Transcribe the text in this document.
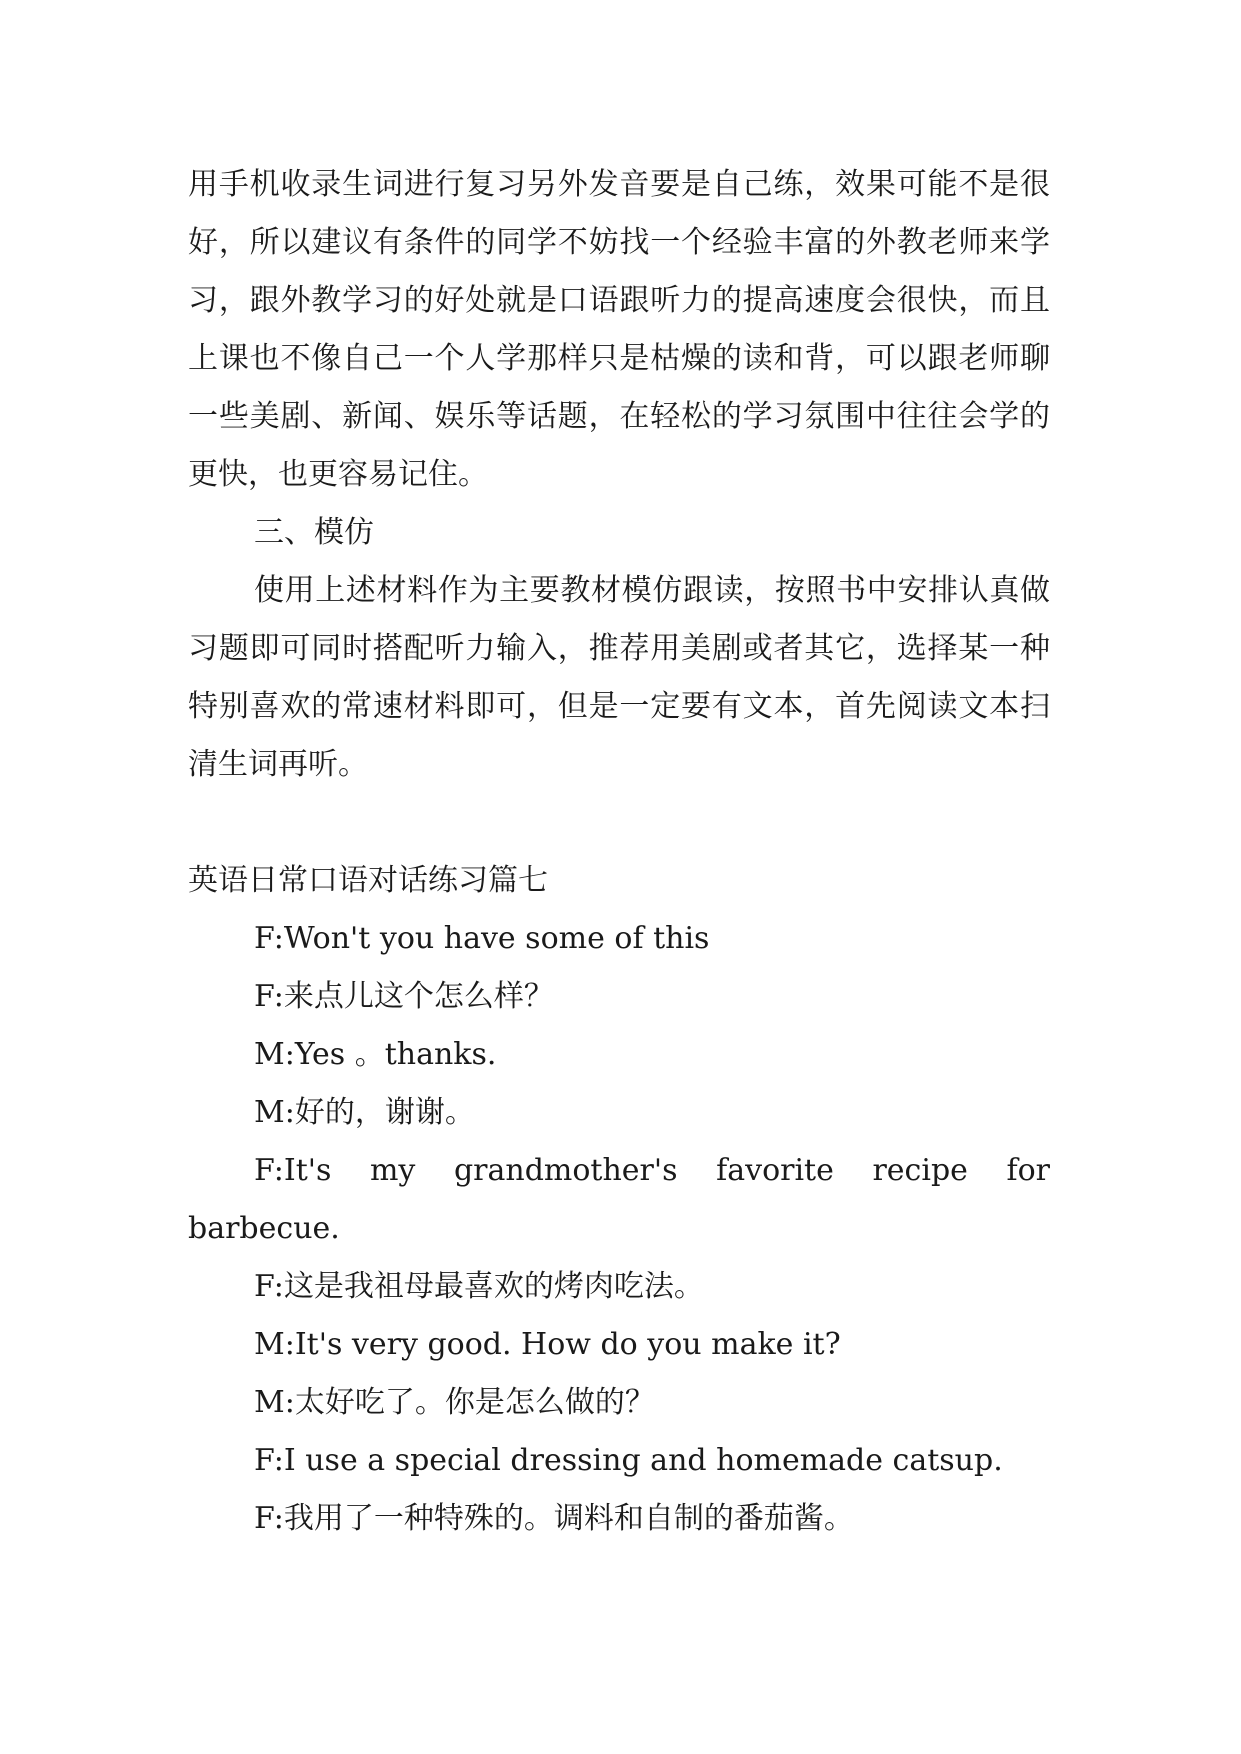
用手机收录生词进行复习另外发音要是自己练，效果可能不是很好，所以建议有条件的同学不妨找一个经验丰富的外教老师来学习，跟外教学习的好处就是口语跟听力的提高速度会很快，而且上课也不像自己一个人学那样只是枯燥的读和背，可以跟老师聊一些美剧、新闻、娱乐等话题，在轻松的学习氛围中往往会学的更快，也更容易记住。

三、模仿

使用上述材料作为主要教材模仿跟读，按照书中安排认真做习题即可同时搭配听力输入，推荐用美剧或者其它，选择某一种特别喜欢的常速材料即可，但是一定要有文本，首先阅读文本扫清生词再听。

英语日常口语对话练习篇七

F:Won't you have some of this

F:来点儿这个怎么样？

M:Yes 。thanks.

M:好的，谢谢。

F:It's my grandmother's favorite recipe for barbecue.

F:这是我祖母最喜欢的烤肉吃法。

M:It's very good. How do you make it?

M:太好吃了。你是怎么做的？

F:I use a special dressing and homemade catsup.

F:我用了一种特殊的。调料和自制的番茄酱。
